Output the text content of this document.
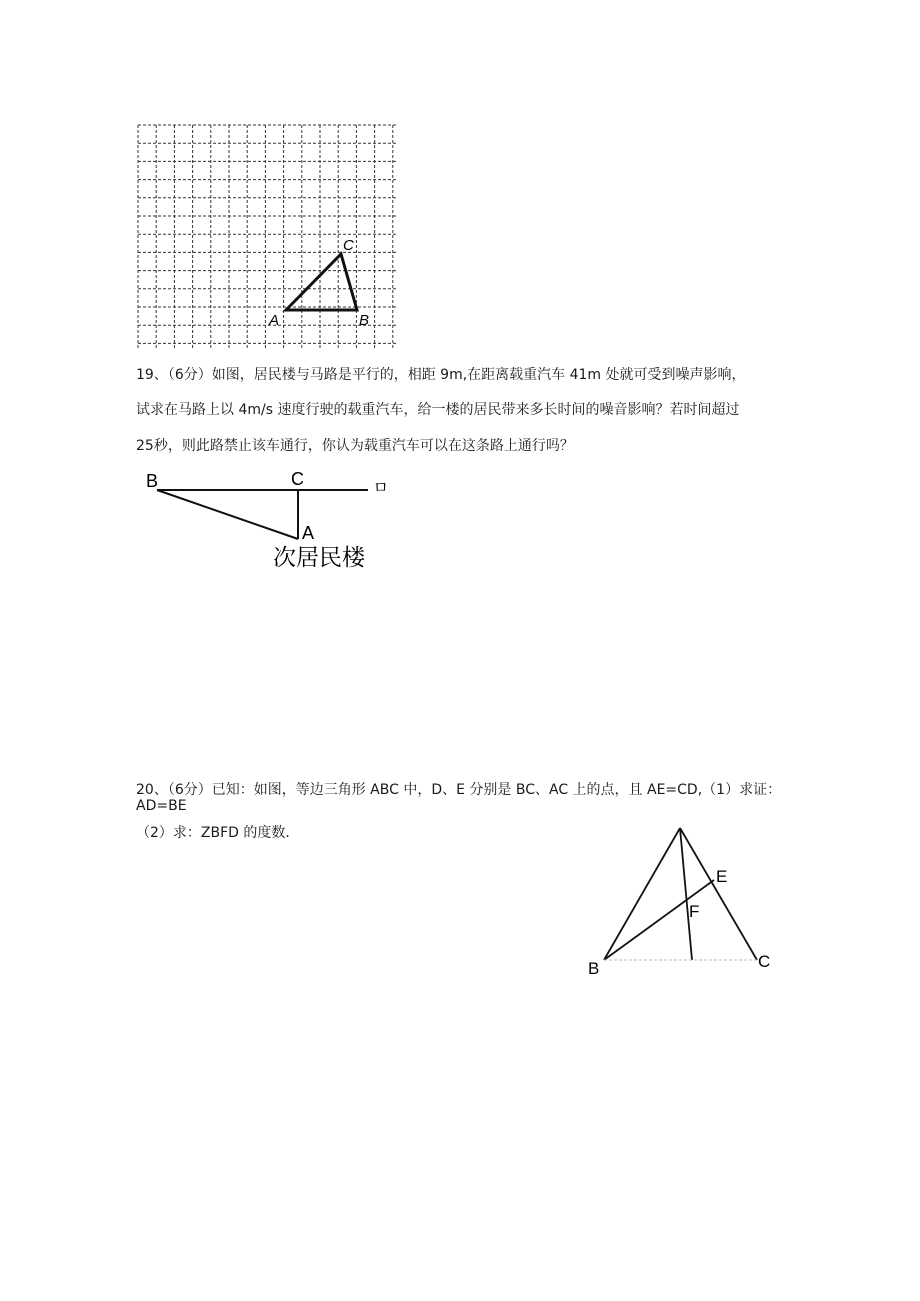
A	B
C
19、（6分）如图，居民楼与马路是平行的，相距 9m,在距离载重汽车 41m 处就可受到噪声影响，
试求在马路上以 4m/s 速度行驶的载重汽车，给一楼的居民带来多长时间的噪音影响？若时间超过
25秒，则此路禁止该车通行，你认为载重汽车可以在这条路上通行吗？
B	C
A
ㅁ
次居民楼
20、（6分）已知：如图，等边三角形 ABC 中，D、E 分别是 BC、AC 上的点，且 AE=CD,（1）求证：
AD=BE
（2）求：ZBFD 的度数.
B
E
F
C
